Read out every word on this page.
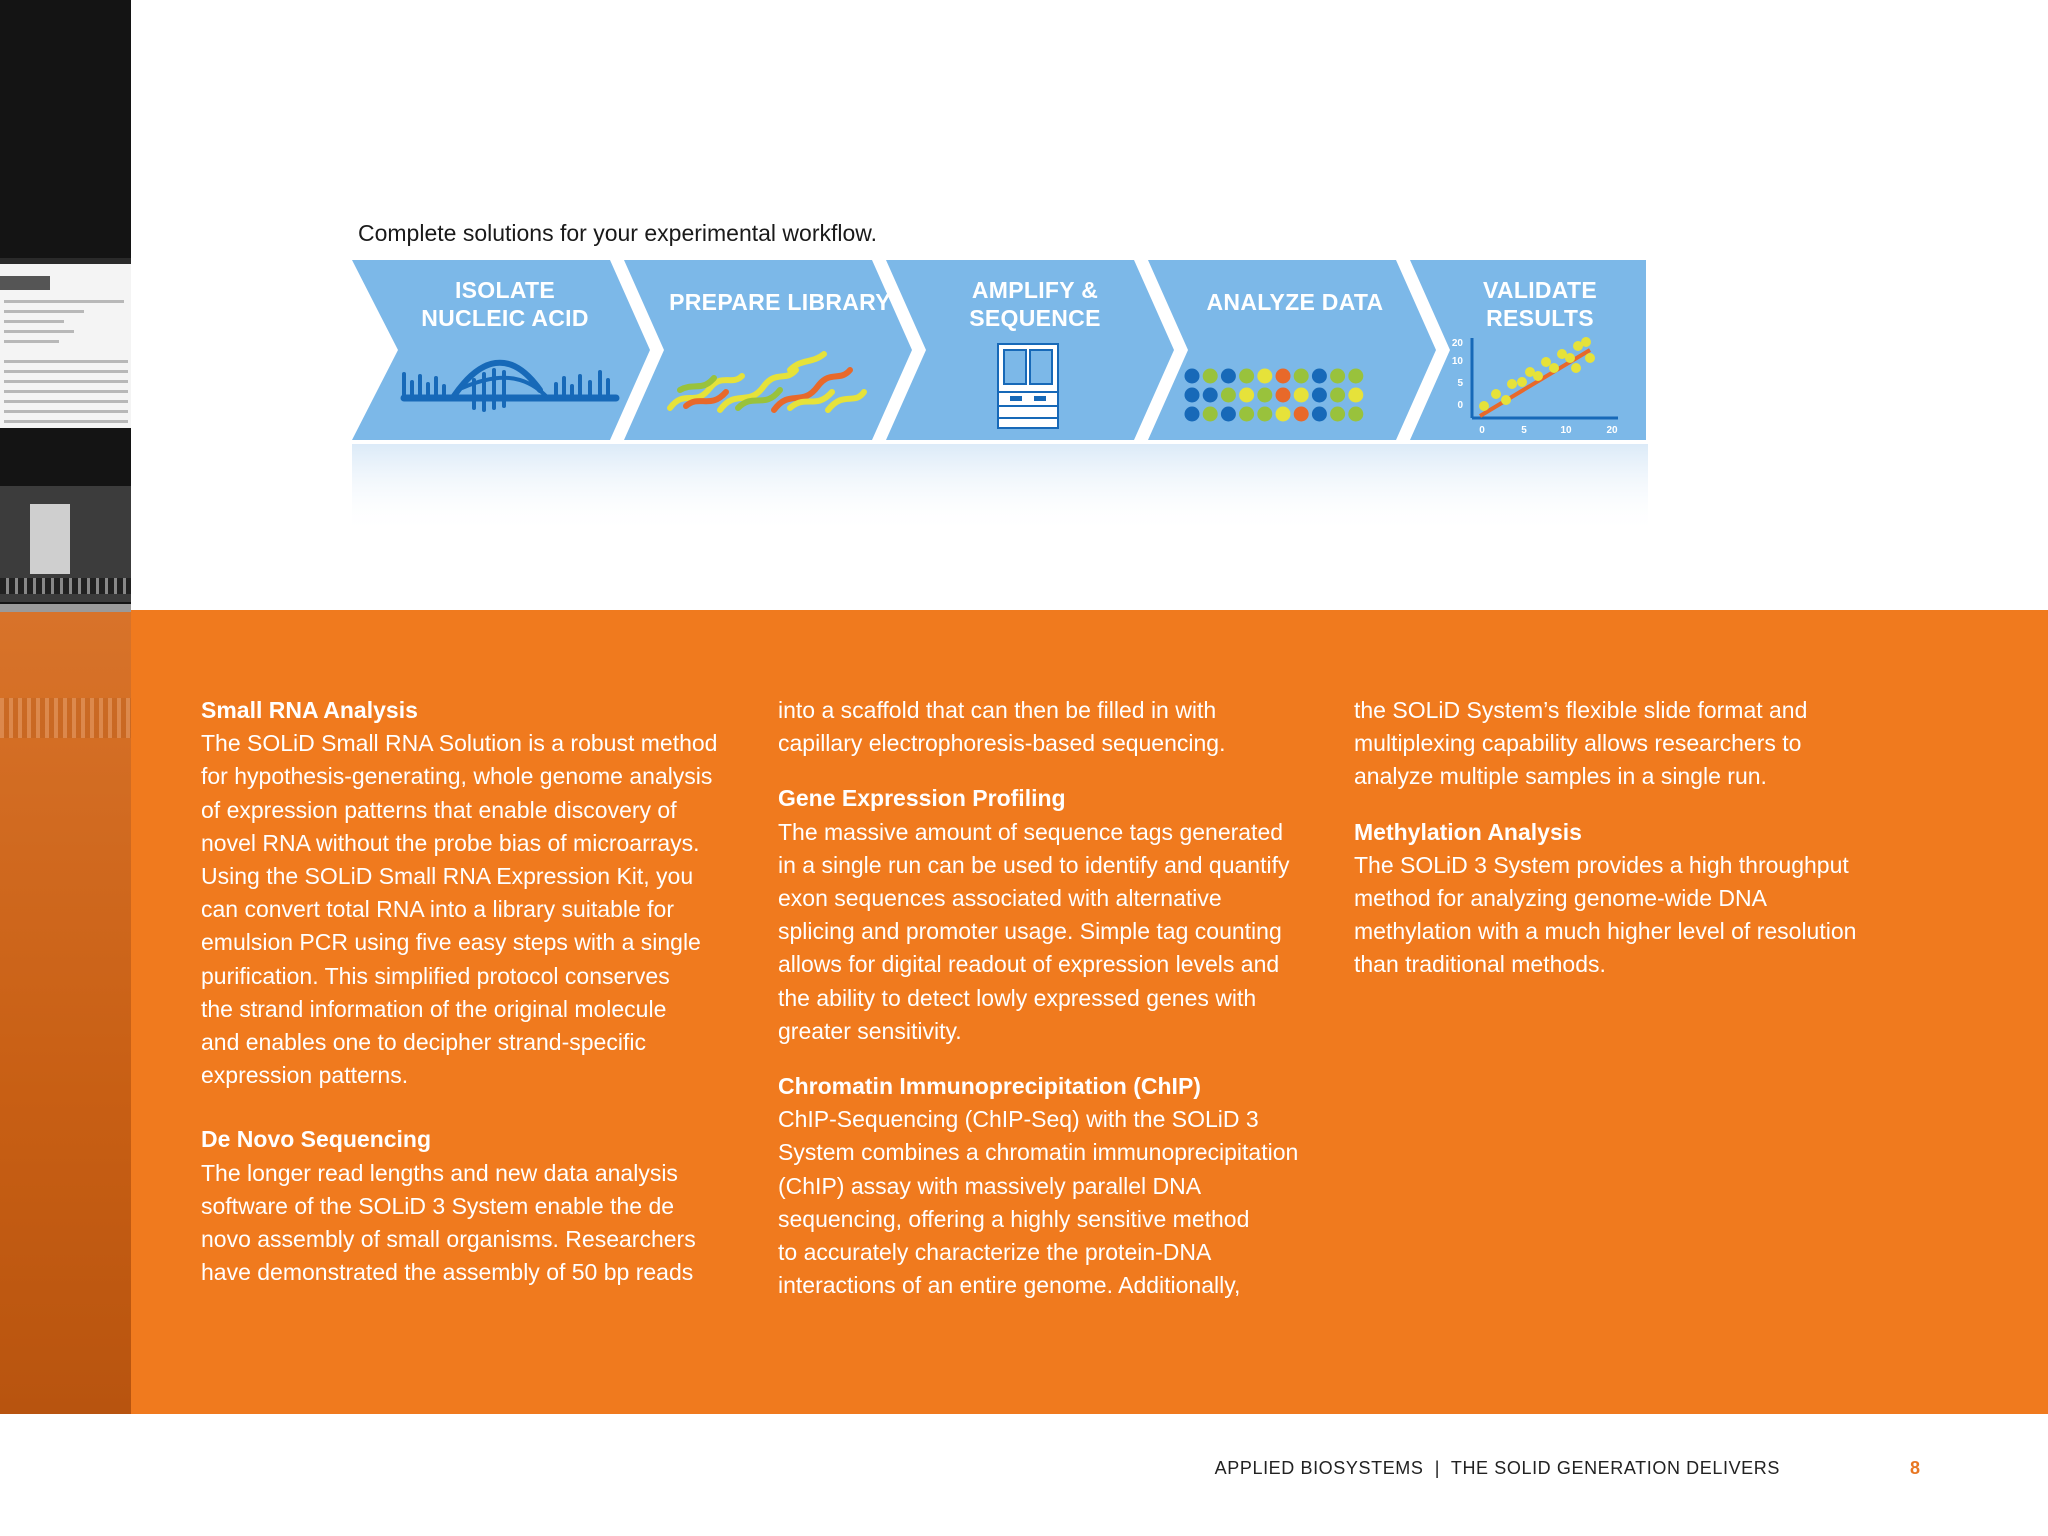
Complete solutions for your experimental workflow.
20
10
5
0
0	5	10	20
ISOLATE
NUCLEIC ACID
PREPARE LIBRARY	AMPLIFY &
SEQUENCE
ANALYZE DATA	VALIDATE
RESULTS
Small RNA Analysis

The SOLiD Small RNA Solution is a robust method

for hypothesis-generating, whole genome analysis

of expression patterns that enable discovery of

novel RNA without the probe bias of microarrays.

Using the SOLiD Small RNA Expression Kit, you

can convert total RNA into a library suitable for

emulsion PCR using five easy steps with a single

purification. This simplified protocol conserves

the strand information of the original molecule

and enables one to decipher strand-specific

expression patterns.

De Novo Sequencing

The longer read lengths and new data analysis

software of the SOLiD 3 System enable the de

novo assembly of small organisms. Researchers

have demonstrated the assembly of 50 bp reads

into a scaffold that can then be filled in with

capillary electrophoresis-based sequencing.

Gene Expression Profiling

The massive amount of sequence tags generated

in a single run can be used to identify and quantify

exon sequences associated with alternative

splicing and promoter usage. Simple tag counting

allows for digital readout of expression levels and

the ability to detect lowly expressed genes with

greater sensitivity.

Chromatin Immunoprecipitation (ChIP)

ChIP-Sequencing (ChIP-Seq) with the SOLiD 3

System combines a chromatin immunoprecipitation

(ChIP) assay with massively parallel DNA

sequencing, offering a highly sensitive method

to accurately characterize the protein-DNA

interactions of an entire genome. Additionally,

the SOLiD System’s flexible slide format and

multiplexing capability allows researchers to

analyze multiple samples in a single run.

Methylation Analysis

The SOLiD 3 System provides a high throughput

method for analyzing genome-wide DNA

methylation with a much higher level of resolution

than traditional methods.

APPLIED BIOSYSTEMS  |  THE SOLID GENERATION DELIVERS	8
